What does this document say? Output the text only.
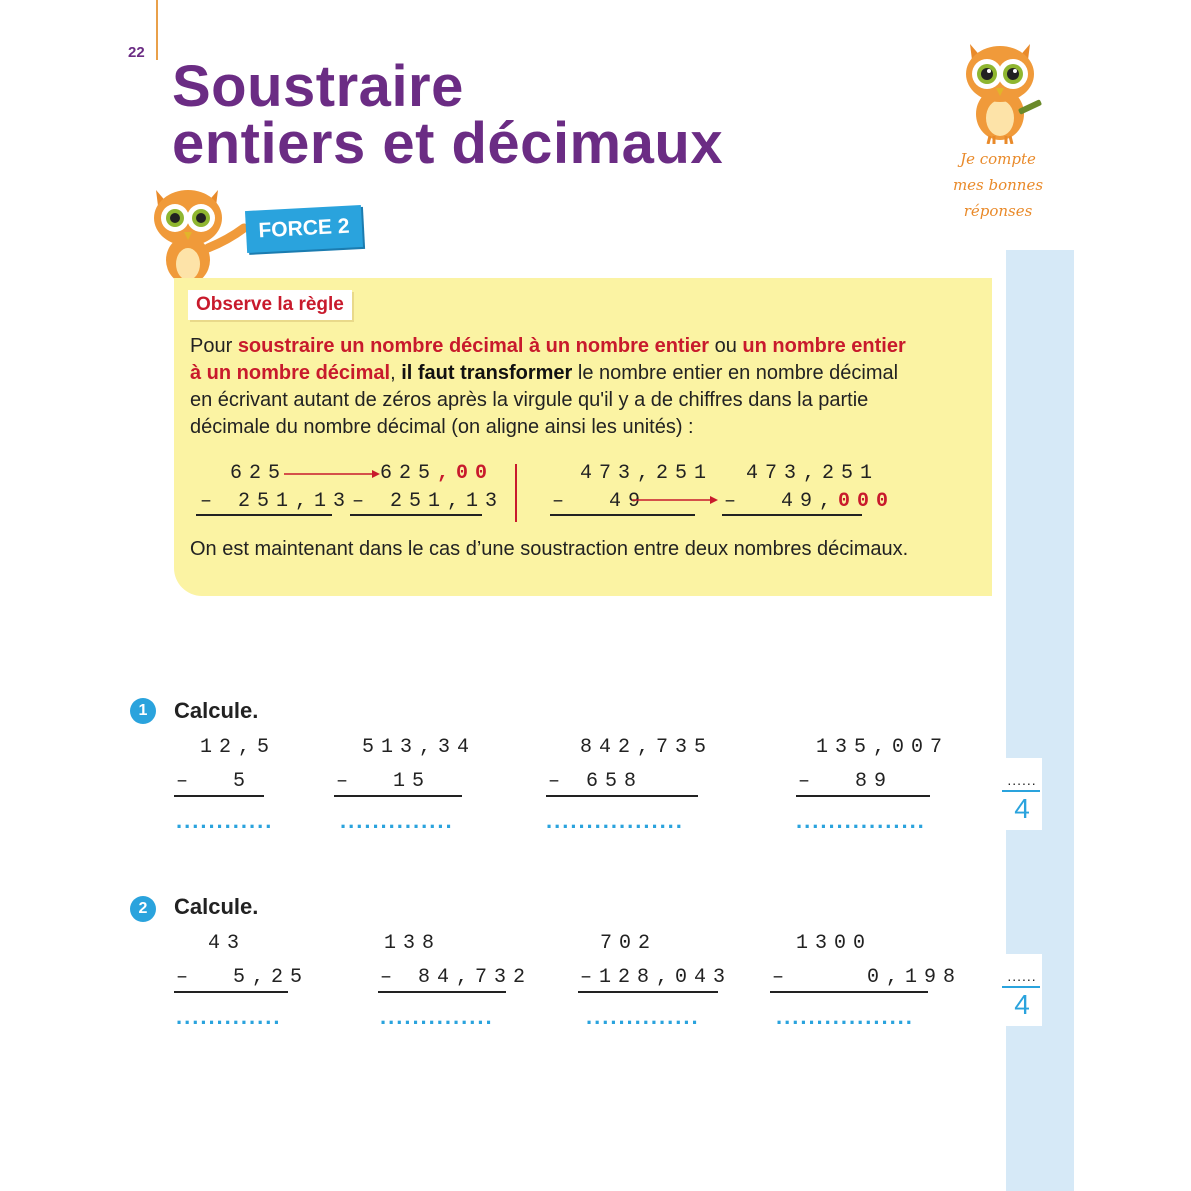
22
Soustraire
entiers et décimaux	Je compte
mes bonnes
réponses
FORCE 2
Observe la règle
Pour soustraire un nombre décimal à un nombre entier ou un nombre entier
à un nombre décimal, il faut transformer le nombre entier en nombre décimal
en écrivant autant de zéros après la virgule qu'il y a de chiffres dans la partie
décimale du nombre décimal (on aligne ainsi les unités) :
625	625,00
– 251,13 – 251,13
473,251 473,251
–  49	–  49,000
On est maintenant dans le cas d’une soustraction entre deux nombres décimaux.
1	Calcule.
12,5
–  5
............
513,34
–  15
..............
842,735
– 658
.................
135,007
–  89
................
......
4
2	Calcule.
43
–  5,25
.............
138
– 84,732
..............
702
–128,043
..............
1300
–    0,198
.................
......
4
